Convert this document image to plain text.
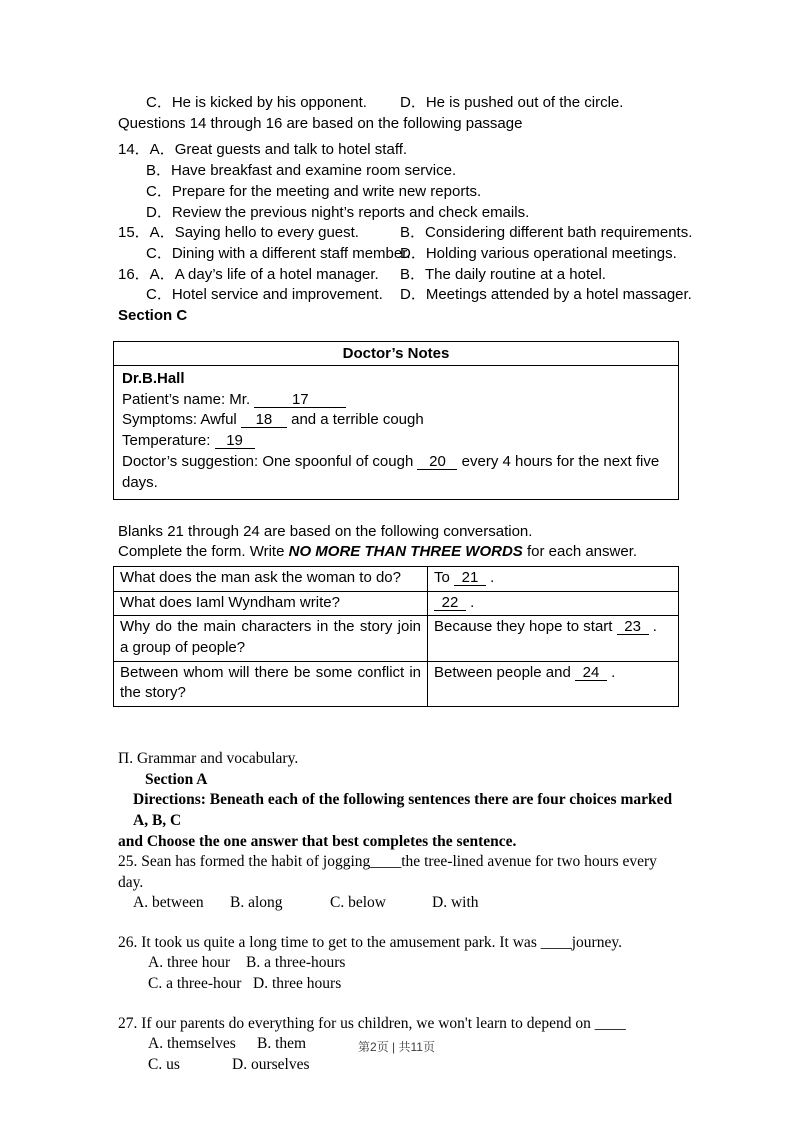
C．He is kicked by his opponent. D．He is pushed out of the circle.
Questions 14 through 16 are based on the following passage
14．A．Great guests and talk to hotel staff.
B．Have breakfast and examine room service.
C．Prepare for the meeting and write new reports.
D．Review the previous night’s reports and check emails.
15．A．Saying hello to every guest.	B．Considering different bath requirements.
C．Dining with a different staff member.D．Holding various operational meetings.
16．A．A day’s life of a hotel manager. B．The daily routine at a hotel.
C．Hotel service and improvement. D．Meetings attended by a hotel massager.
Section C
Doctor’s Notes
Dr.B.Hall
Patient’s name: Mr.	17
Symptoms: Awful 18 and a terrible cough
Temperature: 19
Doctor’s suggestion: One spoonful of cough 20 every 4 hours for the next five days.
Blanks 21 through 24 are based on the following conversation.
Complete the form. Write NO MORE THAN THREE WORDS for each answer.
What does the man ask the woman to do?	To 21 .
What does Iaml Wyndham write?	22 .
Why do the main characters in the story join a group of people?	Because they hope to start 23 .
Between whom will there be some conflict in the story?	Between people and 24 .
Π. Grammar and vocabulary.
Section A
Directions: Beneath each of the following sentences there are four choices marked A, B, C
and Choose the one answer that best completes the sentence.
25. Sean has formed the habit of jogging____the tree-lined avenue for two hours every day.
A. between B. along	C. below	D. with
26. It took us quite a long time to get to the amusement park. It was ____journey.
A. three hour B. a three-hours
C. a three-hour D. three hours
27. If our parents do everything for us children, we won't learn to depend on ____
A. themselves B. them
C. us	D. ourselves
第2页 | 共11页
